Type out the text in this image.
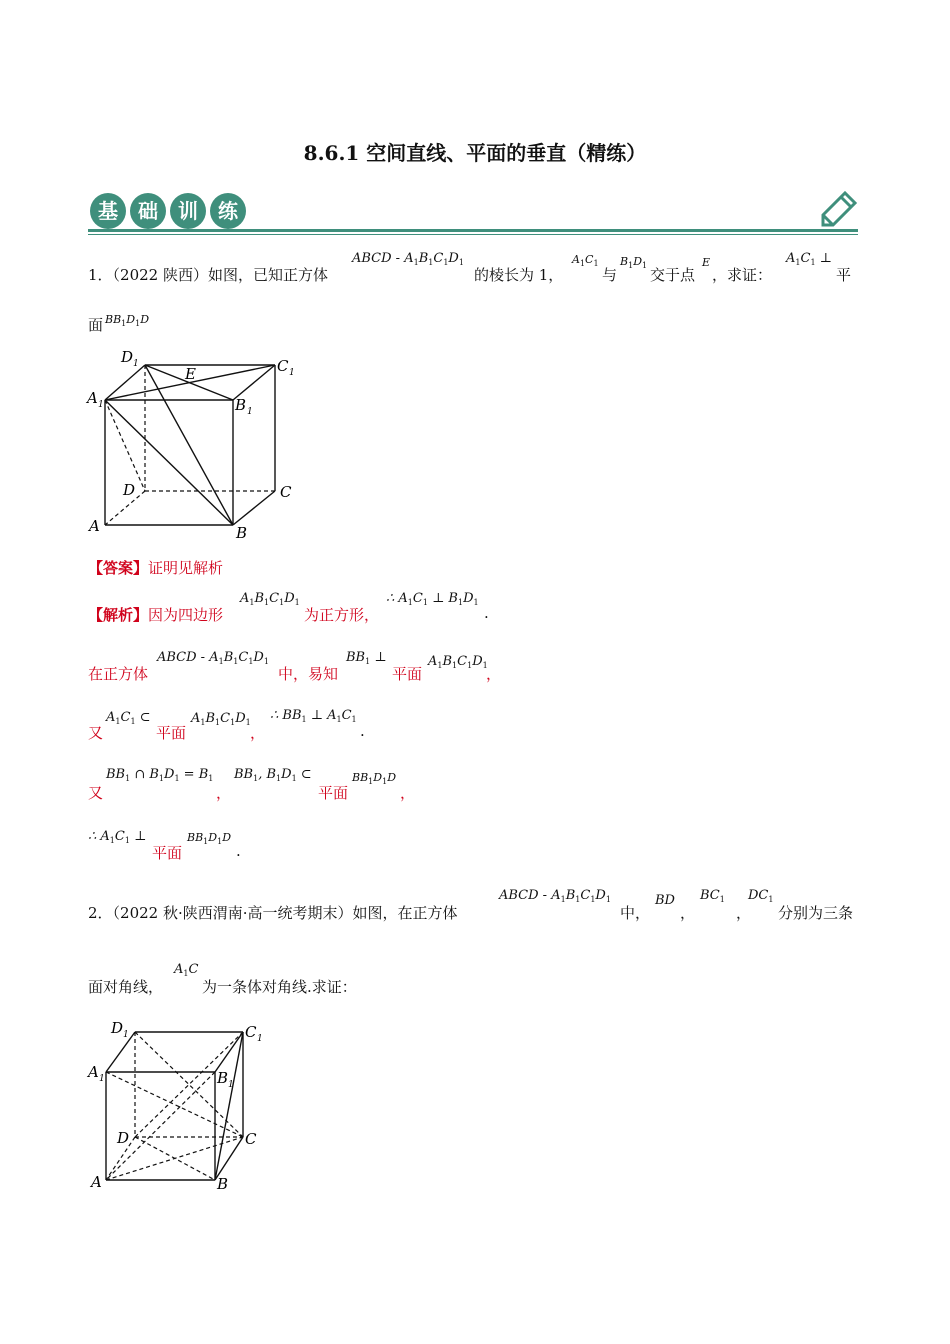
8.6.1 空间直线、平面的垂直（精练）
基	础	训	练
1．（2022 陕西）如图，已知正方体
ABCD - $A_1B_1C_1D_1$
的棱长为 1，
$A_1C_1$
与
$B_1D_1$
交于点
E
，求证：
$A_1C_1$ ⊥
平
面 $BB_1D_1D$
D 1	C 1
E
A 1	B 1
D	C
A	B
【答案】证明见解析
【解析】因为四边形
$A_1B_1C_1D_1$
为正方形，
∴ $A_1C_1$ ⊥ $B_1D_1$
.
在正方体
ABCD - $A_1B_1C_1D_1$
中，易知
$BB_1$ ⊥
平面
$A_1B_1C_1D_1$
，
又
$A_1C_1$ ⊂
平面
$A_1B_1C_1D_1$
，
∴ $BB_1$ ⊥ $A_1C_1$
.
又
$BB_1$ ∩ $B_1D_1 = B_1$
，
$BB_1$, $B_1D_1$ ⊂
平面
$BB_1D_1D$
，
∴ $A_1C_1$ ⊥
平面
$BB_1D_1D$
.
2．（2022 秋·陕西渭南·高一统考期末）如图，在正方体
ABCD - $A_1B_1C_1D_1$
中，
BD
，
$BC_1$
，
$DC_1$
分别为三条
面对角线，
$A_1C$
为一条体对角线.求证：
D 1	C 1
A 1	B 1
D	C
A	B
